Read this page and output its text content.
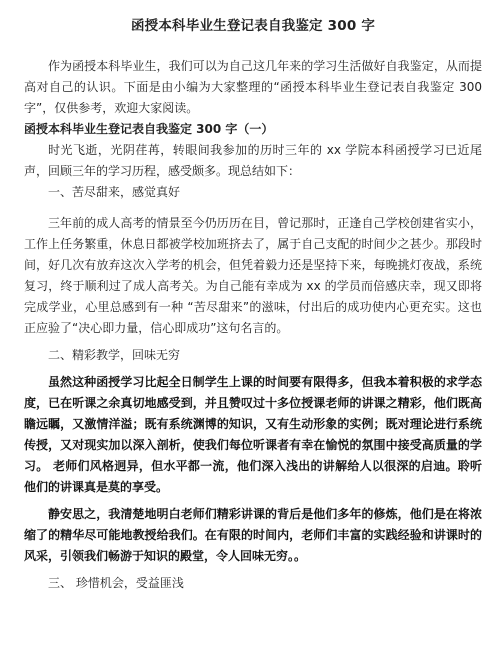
函授本科毕业生登记表自我鉴定 300 字

作为函授本科毕业生，我们可以为自己这几年来的学习生活做好自我鉴定，从而提高对自己的认识。下面是由小编为大家整理的“函授本科毕业生登记表自我鉴定 300 字”，仅供参考，欢迎大家阅读。

函授本科毕业生登记表自我鉴定 300 字（一）

时光飞逝，光阴荏苒，转眼间我参加的历时三年的 xx 学院本科函授学习已近尾声，回顾三年的学习历程，感受颇多。现总结如下：

一、苦尽甜来，感觉真好

三年前的成人高考的情景至今仍历历在目，曾记那时，正逢自己学校创建省实小，工作上任务繁重，休息日都被学校加班挤去了，属于自己支配的时间少之甚少。那段时间，好几次有放弃这次入学考的机会，但凭着毅力还是坚持下来，每晚挑灯夜战，系统复习，终于顺利过了成人高考关。为自己能有幸成为 xx 的学员而倍感庆幸，现又即将完成学业，心里总感到有一种 “苦尽甜来”的滋味，付出后的成功使内心更充实。这也正应验了“决心即力量，信心即成功”这句名言的。

二、精彩教学，回味无穷

虽然这种函授学习比起全日制学生上课的时间要有限得多，但我本着积极的求学态度，已在听课之余真切地感受到，并且赞叹过十多位授课老师的讲课之精彩，他们既高瞻远瞩，又激情洋溢；既有系统渊博的知识，又有生动形象的实例；既对理论进行系统传授，又对现实加以深入剖析，使我们每位听课者有幸在愉悦的氛围中接受高质量的学习。 老师们风格迥异，但水平都一流，他们深入浅出的讲解给人以很深的启迪。聆听他们的讲课真是莫的享受。

静安思之，我清楚地明白老师们精彩讲课的背后是他们多年的修炼，他们是在将浓缩了的精华尽可能地教授给我们。在有限的时间内，老师们丰富的实践经验和讲课时的风采，引领我们畅游于知识的殿堂，令人回味无穷。。

三、 珍惜机会，受益匪浅
